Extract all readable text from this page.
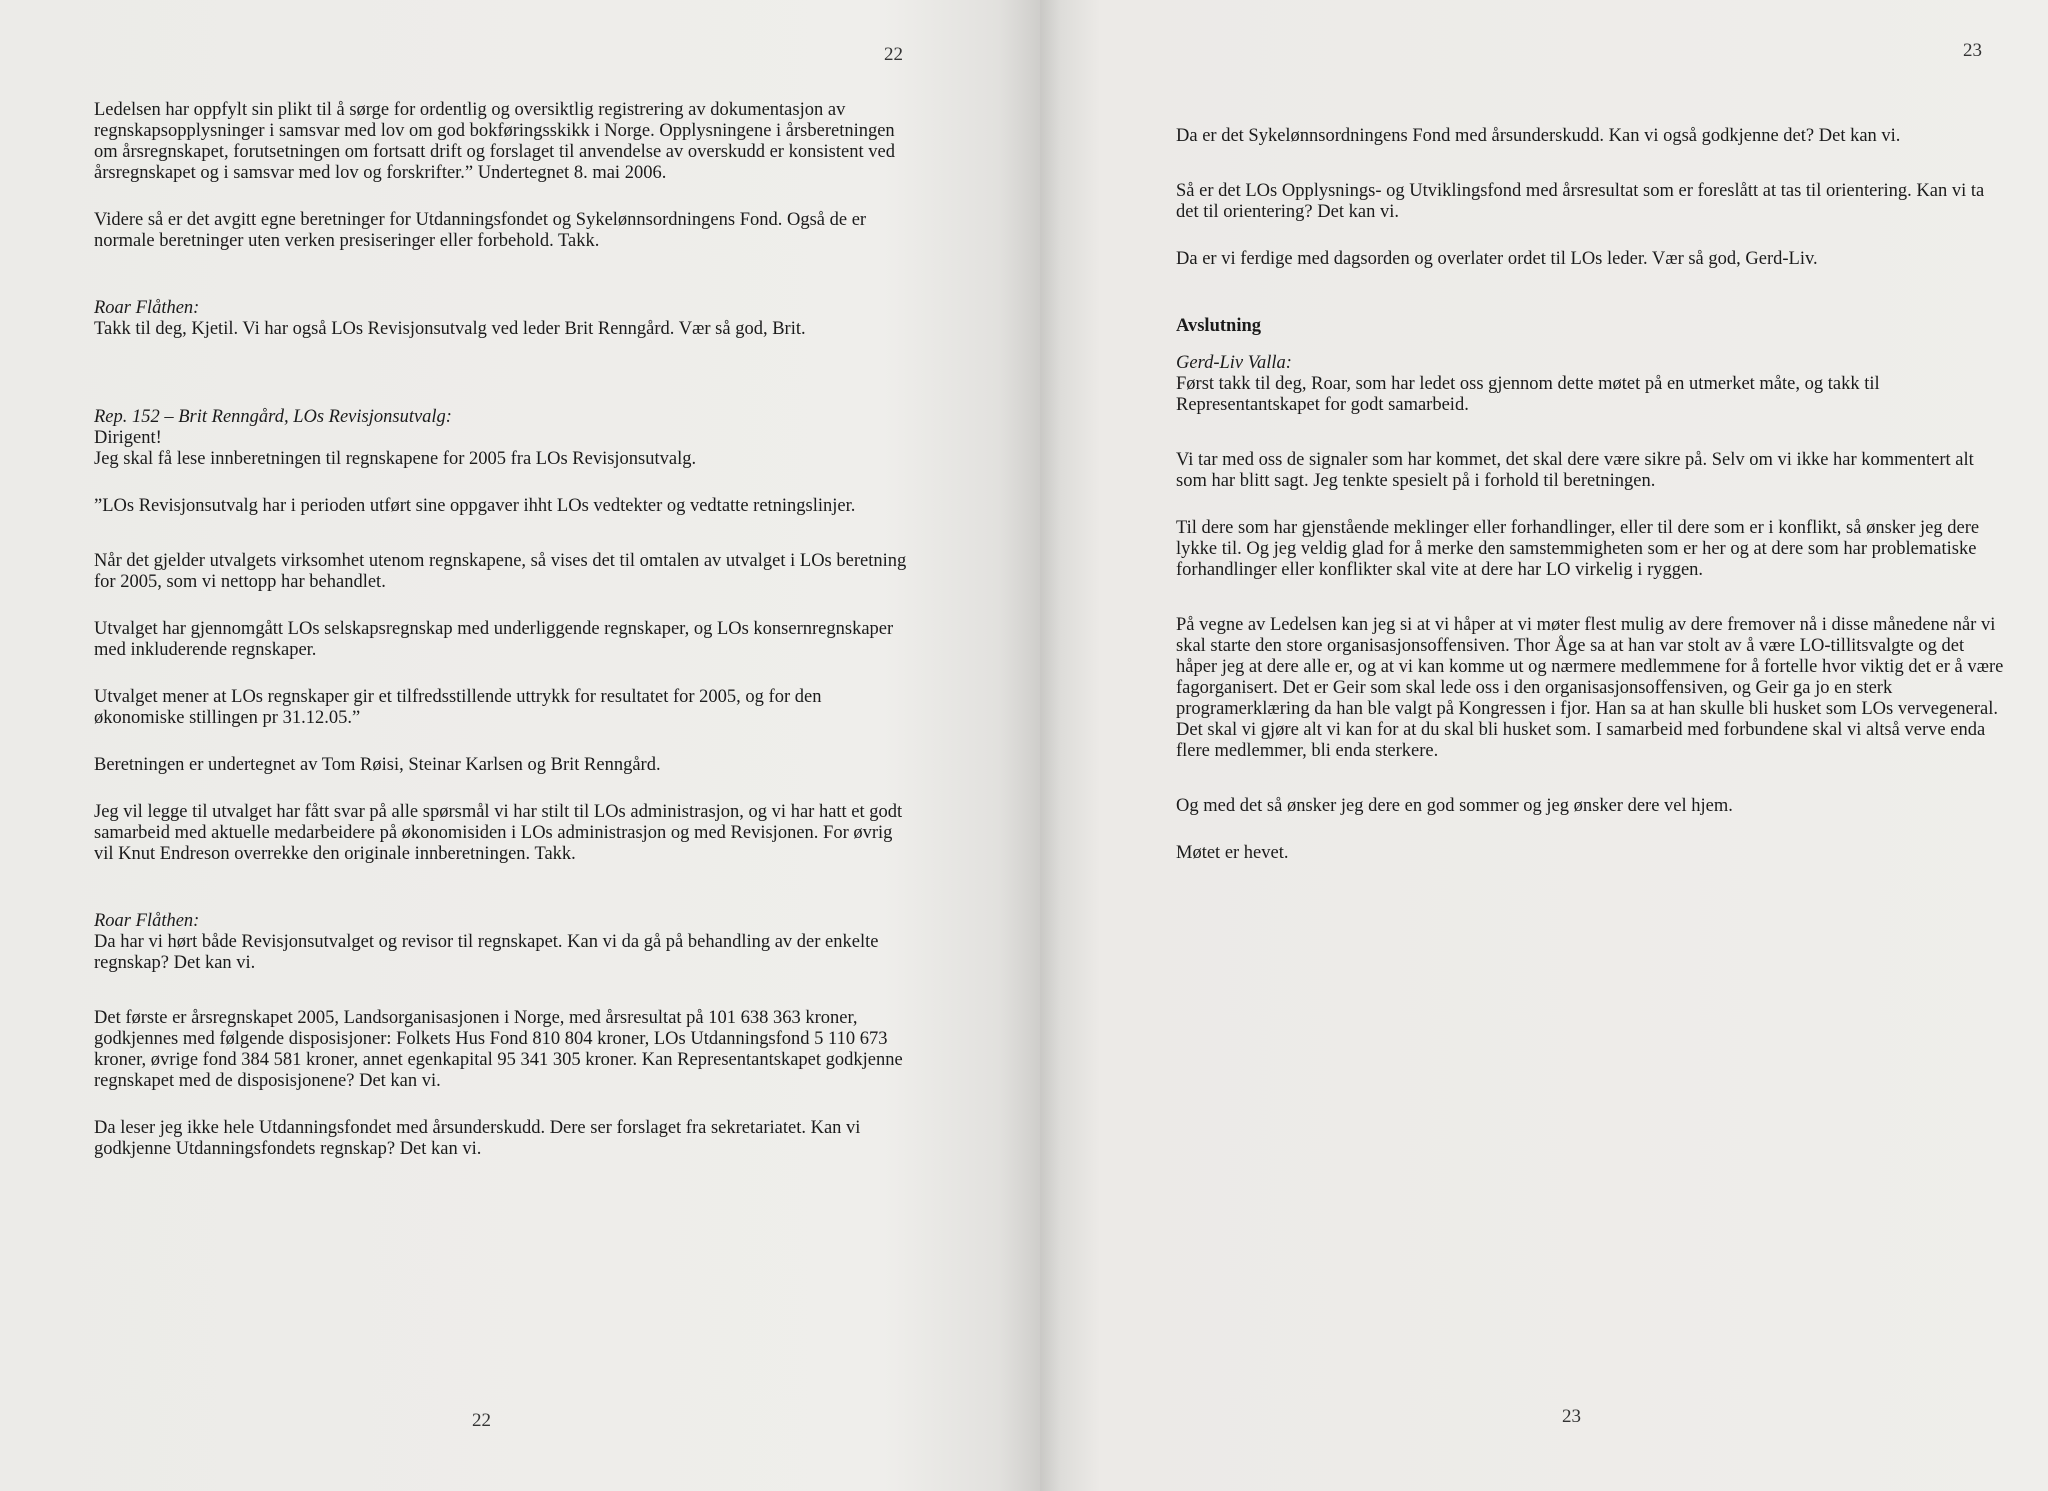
22

Ledelsen har oppfylt sin plikt til å sørge for ordentlig og oversiktlig registrering av dokumentasjon av regnskapsopplysninger i samsvar med lov om god bokføringsskikk i Norge. Opplysningene i årsberetningen om årsregnskapet, forutsetningen om fortsatt drift og forslaget til anvendelse av overskudd er konsistent ved årsregnskapet og i samsvar med lov og forskrifter.” Undertegnet 8. mai 2006.

Videre så er det avgitt egne beretninger for Utdanningsfondet og Sykelønnsordningens Fond. Også de er normale beretninger uten verken presiseringer eller forbehold. Takk.

Roar Flåthen:
Takk til deg, Kjetil. Vi har også LOs Revisjonsutvalg ved leder Brit Renngård. Vær så god, Brit.

Rep. 152 – Brit Renngård, LOs Revisjonsutvalg:
Dirigent!
Jeg skal få lese innberetningen til regnskapene for 2005 fra LOs Revisjonsutvalg.

”LOs Revisjonsutvalg har i perioden utført sine oppgaver ihht LOs vedtekter og vedtatte retningslinjer.

Når det gjelder utvalgets virksomhet utenom regnskapene, så vises det til omtalen av utvalget i LOs beretning for 2005, som vi nettopp har behandlet.

Utvalget har gjennomgått LOs selskapsregnskap med underliggende regnskaper, og LOs konsernregnskaper med inkluderende regnskaper.

Utvalget mener at LOs regnskaper gir et tilfredsstillende uttrykk for resultatet for 2005, og for den økonomiske stillingen pr 31.12.05.”

Beretningen er undertegnet av Tom Røisi, Steinar Karlsen og Brit Renngård.

Jeg vil legge til utvalget har fått svar på alle spørsmål vi har stilt til LOs administrasjon, og vi har hatt et godt samarbeid med aktuelle medarbeidere på økonomisiden i LOs administrasjon og med Revisjonen. For øvrig vil Knut Endreson overrekke den originale innberetningen. Takk.

Roar Flåthen:
Da har vi hørt både Revisjonsutvalget og revisor til regnskapet. Kan vi da gå på behandling av der enkelte regnskap? Det kan vi.

Det første er årsregnskapet 2005, Landsorganisasjonen i Norge, med årsresultat på 101 638 363 kroner, godkjennes med følgende disposisjoner: Folkets Hus Fond 810 804 kroner, LOs Utdanningsfond 5 110 673 kroner, øvrige fond 384 581 kroner, annet egenkapital 95 341 305 kroner. Kan Representantskapet godkjenne regnskapet med de disposisjonene? Det kan vi.

Da leser jeg ikke hele Utdanningsfondet med årsunderskudd. Dere ser forslaget fra sekretariatet. Kan vi godkjenne Utdanningsfondets regnskap? Det kan vi.

22
23

Da er det Sykelønnsordningens Fond med årsunderskudd. Kan vi også godkjenne det? Det kan vi.

Så er det LOs Opplysnings- og Utviklingsfond med årsresultat som er foreslått at tas til orientering. Kan vi ta det til orientering? Det kan vi.

Da er vi ferdige med dagsorden og overlater ordet til LOs leder. Vær så god, Gerd-Liv.

Avslutning

Gerd-Liv Valla:
Først takk til deg, Roar, som har ledet oss gjennom dette møtet på en utmerket måte, og takk til Representantskapet for godt samarbeid.

Vi tar med oss de signaler som har kommet, det skal dere være sikre på. Selv om vi ikke har kommentert alt som har blitt sagt. Jeg tenkte spesielt på i forhold til beretningen.

Til dere som har gjenstående meklinger eller forhandlinger, eller til dere som er i konflikt, så ønsker jeg dere lykke til. Og jeg veldig glad for å merke den samstemmigheten som er her og at dere som har problematiske forhandlinger eller konflikter skal vite at dere har LO virkelig i ryggen.

På vegne av Ledelsen kan jeg si at vi håper at vi møter flest mulig av dere fremover nå i disse månedene når vi skal starte den store organisasjonsoffensiven. Thor Åge sa at han var stolt av å være LO-tillitsvalgte og det håper jeg at dere alle er, og at vi kan komme ut og nærmere medlemmene for å fortelle hvor viktig det er å være fagorganisert. Det er Geir som skal lede oss i den organisasjonsoffensiven, og Geir ga jo en sterk programerklæring da han ble valgt på Kongressen i fjor. Han sa at han skulle bli husket som LOs vervegeneral. Det skal vi gjøre alt vi kan for at du skal bli husket som. I samarbeid med forbundene skal vi altså verve enda flere medlemmer, bli enda sterkere.

Og med det så ønsker jeg dere en god sommer og jeg ønsker dere vel hjem.

Møtet er hevet.

23
